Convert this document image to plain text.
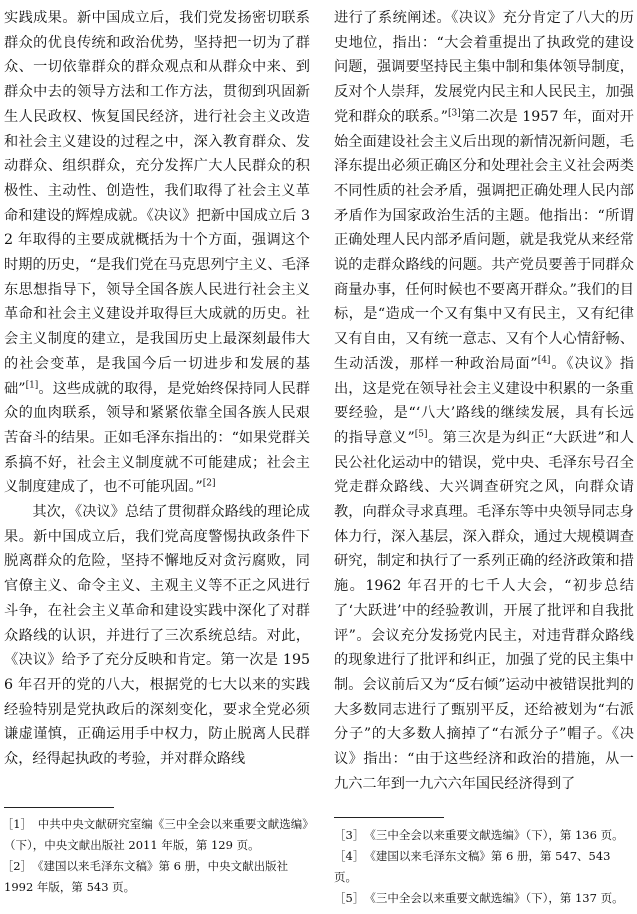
实践成果。新中国成立后，我们党发扬密切联系群众的优良传统和政治优势，坚持把一切为了群众、一切依靠群众的群众观点和从群众中来、到群众中去的领导方法和工作方法，贯彻到巩固新生人民政权、恢复国民经济，进行社会主义改造和社会主义建设的过程之中，深入教育群众、发动群众、组织群众，充分发挥广大人民群众的积极性、主动性、创造性，我们取得了社会主义革命和建设的辉煌成就。《决议》把新中国成立后 32 年取得的主要成就概括为十个方面，强调这个时期的历史，“是我们党在马克思列宁主义、毛泽东思想指导下，领导全国各族人民进行社会主义革命和社会主义建设并取得巨大成就的历史。社会主义制度的建立，是我国历史上最深刻最伟大的社会变革，是我国今后一切进步和发展的基础”[1]。这些成就的取得，是党始终保持同人民群众的血肉联系，领导和紧紧依靠全国各族人民艰苦奋斗的结果。正如毛泽东指出的：“如果党群关系搞不好，社会主义制度就不可能建成；社会主义制度建成了，也不可能巩固。”[2]

其次，《决议》总结了贯彻群众路线的理论成果。新中国成立后，我们党高度警惕执政条件下脱离群众的危险，坚持不懈地反对贪污腐败，同官僚主义、命令主义、主观主义等不正之风进行斗争，在社会主义革命和建设实践中深化了对群众路线的认识，并进行了三次系统总结。对此，《决议》给予了充分反映和肯定。第一次是 1956 年召开的党的八大，根据党的七大以来的实践经验特别是党执政后的深刻变化，要求全党必须谦虚谨慎，正确运用手中权力，防止脱离人民群众，经得起执政的考验，并对群众路线

进行了系统阐述。《决议》充分肯定了八大的历史地位，指出：“大会着重提出了执政党的建设问题，强调要坚持民主集中制和集体领导制度，反对个人崇拜，发展党内民主和人民民主，加强党和群众的联系。”[3]第二次是 1957 年，面对开始全面建设社会主义后出现的新情况新问题，毛泽东提出必须正确区分和处理社会主义社会两类不同性质的社会矛盾，强调把正确处理人民内部矛盾作为国家政治生活的主题。他指出：“所谓正确处理人民内部矛盾问题，就是我党从来经常说的走群众路线的问题。共产党员要善于同群众商量办事，任何时候也不要离开群众。”我们的目标，是“造成一个又有集中又有民主，又有纪律又有自由，又有统一意志、又有个人心情舒畅、生动活泼，那样一种政治局面”[4]。《决议》指出，这是党在领导社会主义建设中积累的一条重要经验，是“‘八大’路线的继续发展，具有长远的指导意义”[5]。第三次是为纠正“大跃进”和人民公社化运动中的错误，党中央、毛泽东号召全党走群众路线、大兴调查研究之风，向群众请教，向群众寻求真理。毛泽东等中央领导同志身体力行，深入基层，深入群众，通过大规模调查研究，制定和执行了一系列正确的经济政策和措施。1962 年召开的七千人大会，“初步总结了‘大跃进’中的经验教训，开展了批评和自我批评”。会议充分发扬党内民主，对违背群众路线的现象进行了批评和纠正，加强了党的民主集中制。会议前后又为“反右倾”运动中被错误批判的大多数同志进行了甄别平反，还给被划为“右派分子”的大多数人摘掉了“右派分子”帽子。《决议》指出：“由于这些经济和政治的措施，从一九六二年到一九六六年国民经济得到了

［1］　中共中央文献研究室编《三中全会以来重要文献选编》（下），中央文献出版社 2011 年版，第 129 页。

［2］　《建国以来毛泽东文稿》第 6 册，中央文献出版社 1992 年版，第 543 页。

［3］　《三中全会以来重要文献选编》（下），第 136 页。

［4］　《建国以来毛泽东文稿》第 6 册，第 547、543 页。

［5］　《三中全会以来重要文献选编》（下），第 137 页。
